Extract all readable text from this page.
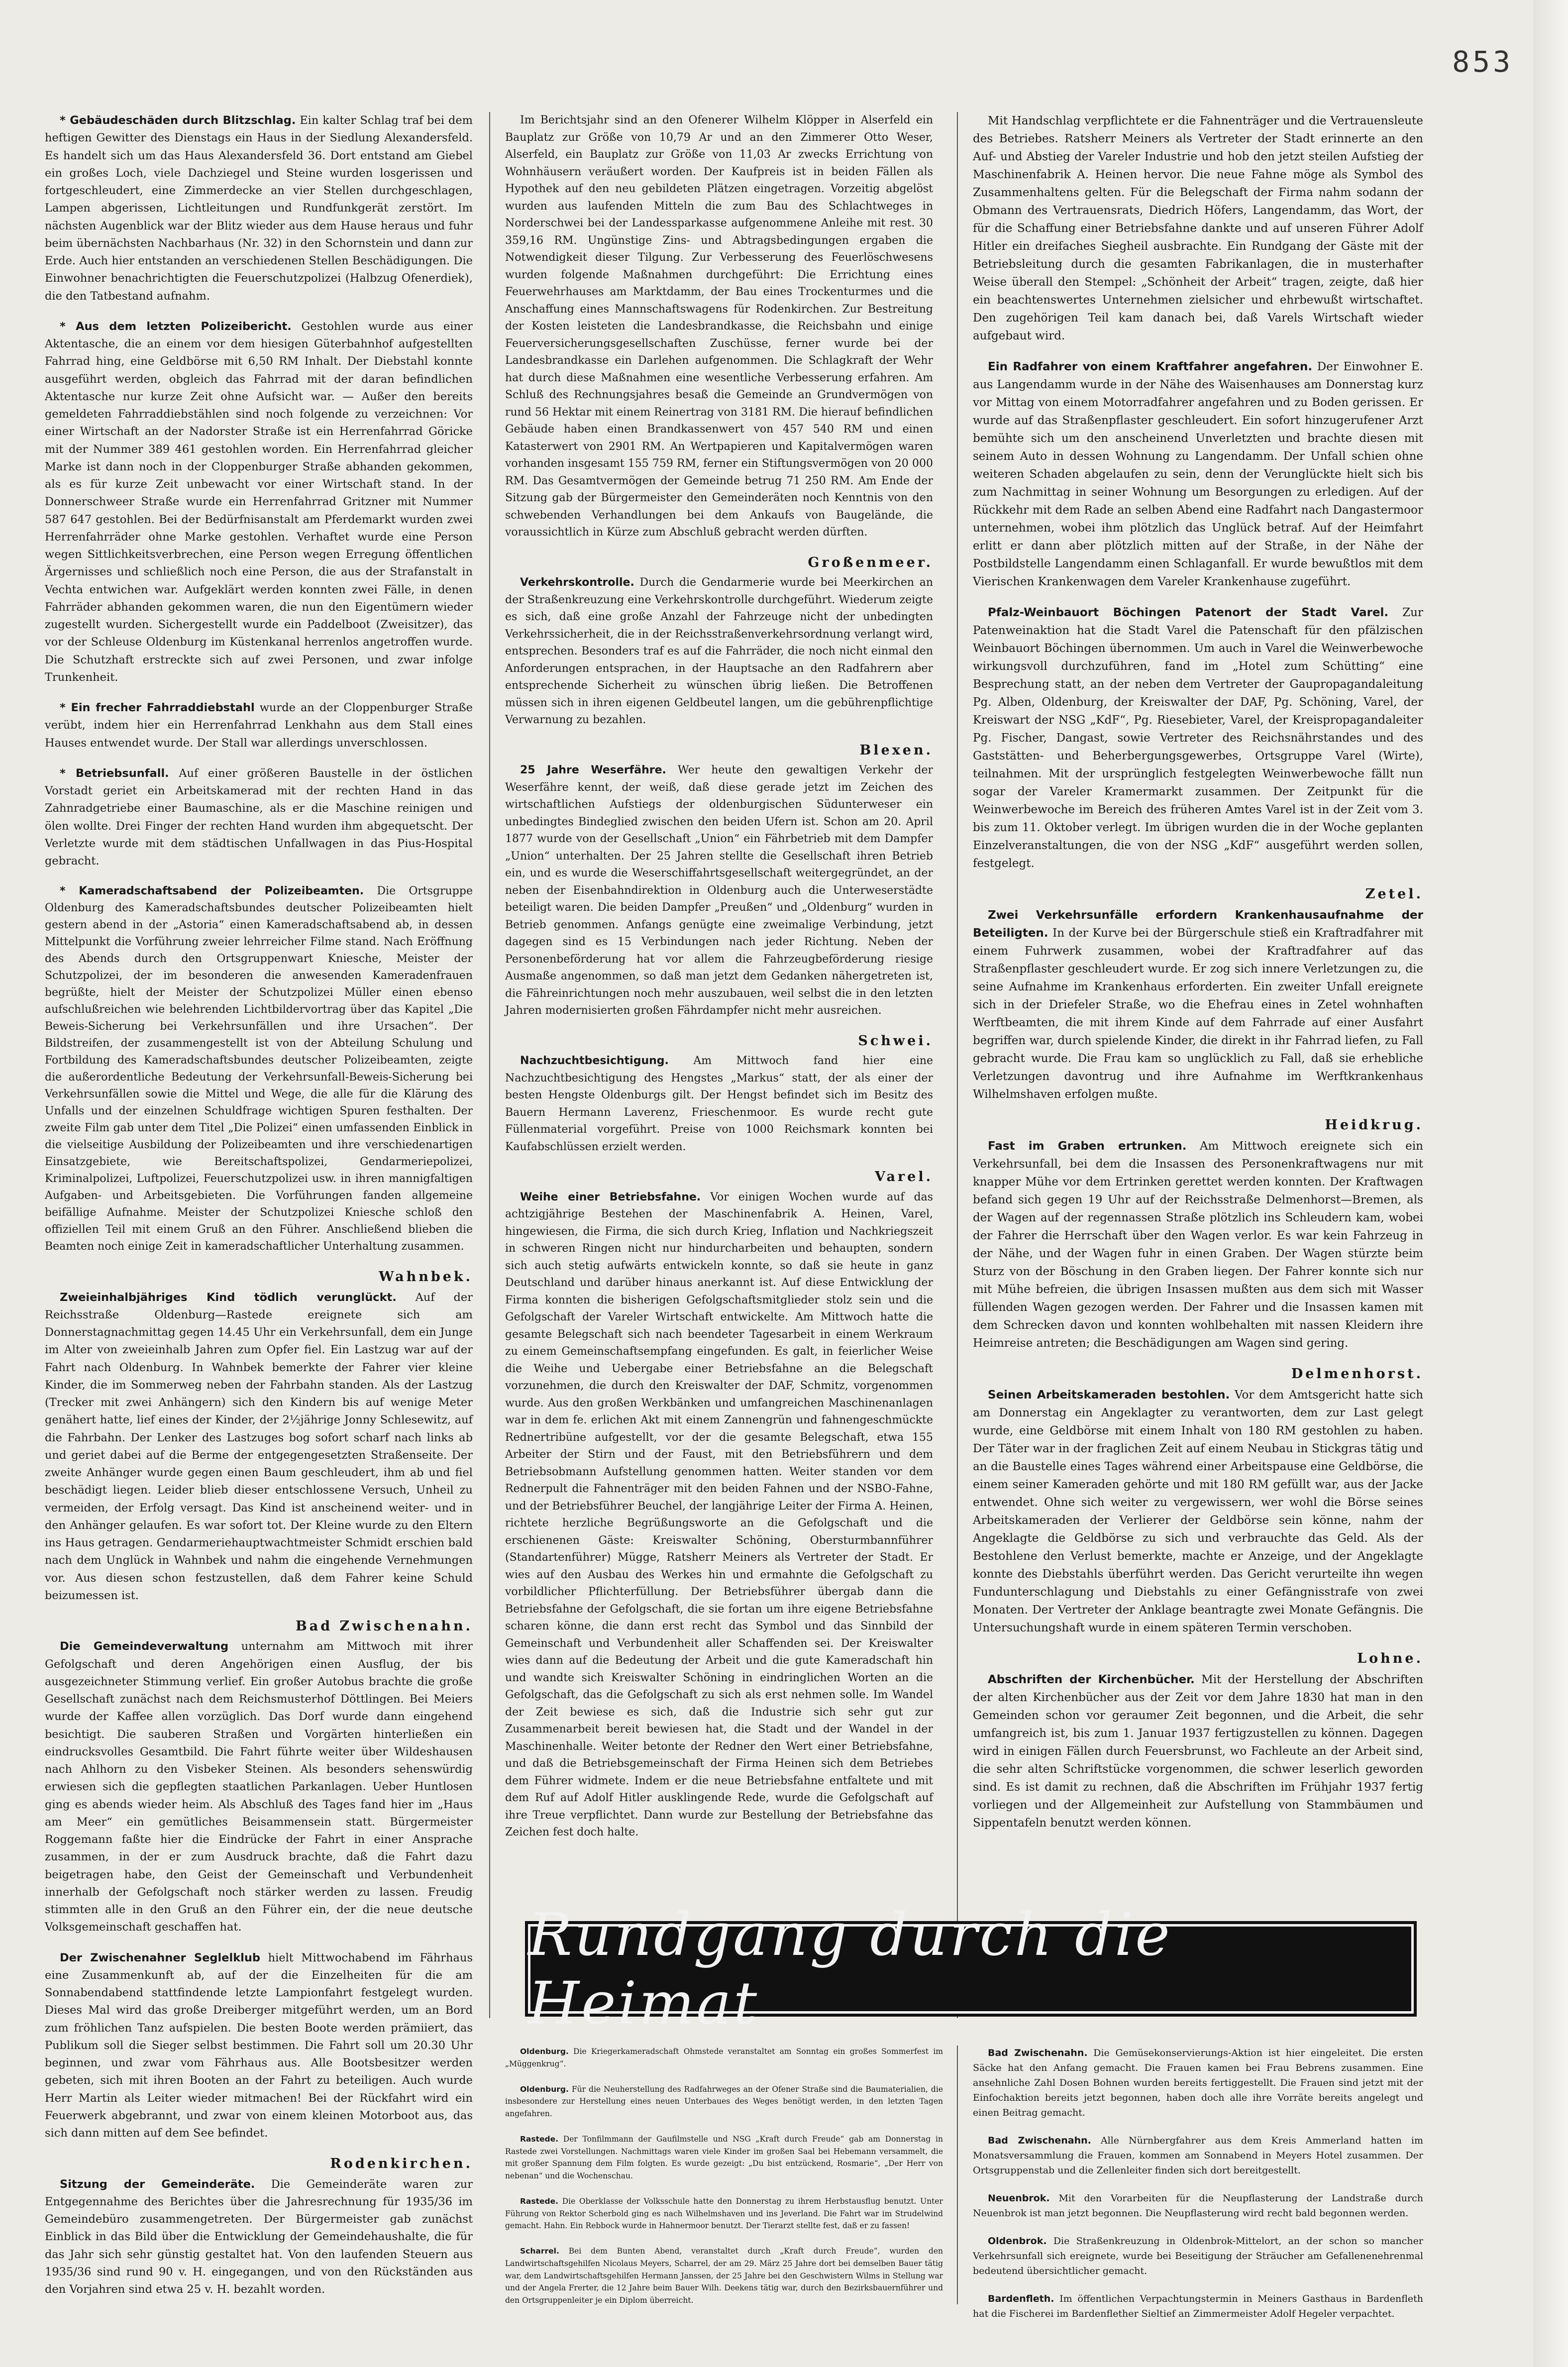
853

* Gebäudeschäden durch Blitzschlag. Ein kalter Schlag traf bei dem heftigen Gewitter des Dienstags ein Haus in der Siedlung Alexandersfeld. Es handelt sich um das Haus Alexandersfeld 36. Dort entstand am Giebel ein großes Loch, viele Dachziegel und Steine wurden losgerissen und fortgeschleudert, eine Zimmerdecke an vier Stellen durchgeschlagen, Lampen abgerissen, Lichtleitungen und Rundfunkgerät zerstört. Im nächsten Augenblick war der Blitz wieder aus dem Hause heraus und fuhr beim übernächsten Nachbarhaus (Nr. 32) in den Schornstein und dann zur Erde. Auch hier entstanden an verschiedenen Stellen Beschädigungen. Die Einwohner benachrichtigten die Feuerschutzpolizei (Halbzug Ofenerdiek), die den Tatbestand aufnahm.

* Aus dem letzten Polizeibericht. Gestohlen wurde aus einer Aktentasche, die an einem vor dem hiesigen Güterbahnhof aufgestellten Fahrrad hing, eine Geldbörse mit 6,50 RM Inhalt. Der Diebstahl konnte ausgeführt werden, obgleich das Fahrrad mit der daran befindlichen Aktentasche nur kurze Zeit ohne Aufsicht war. — Außer den bereits gemeldeten Fahrraddiebstählen sind noch folgende zu verzeichnen: Vor einer Wirtschaft an der Nadorster Straße ist ein Herrenfahrrad Göricke mit der Nummer 389 461 gestohlen worden. Ein Herrenfahrrad gleicher Marke ist dann noch in der Cloppenburger Straße abhanden gekommen, als es für kurze Zeit unbewacht vor einer Wirtschaft stand. In der Donnerschweer Straße wurde ein Herrenfahrrad Gritzner mit Nummer 587 647 gestohlen. Bei der Bedürfnisanstalt am Pferdemarkt wurden zwei Herrenfahrräder ohne Marke gestohlen. Verhaftet wurde eine Person wegen Sittlichkeitsverbrechen, eine Person wegen Erregung öffentlichen Ärgernisses und schließlich noch eine Person, die aus der Strafanstalt in Vechta entwichen war. Aufgeklärt werden konnten zwei Fälle, in denen Fahrräder abhanden gekommen waren, die nun den Eigentümern wieder zugestellt wurden. Sichergestellt wurde ein Paddelboot (Zweisitzer), das vor der Schleuse Oldenburg im Küstenkanal herrenlos angetroffen wurde. Die Schutzhaft erstreckte sich auf zwei Personen, und zwar infolge Trunkenheit.

* Ein frecher Fahrraddiebstahl wurde an der Cloppenburger Straße verübt, indem hier ein Herrenfahrrad Lenkhahn aus dem Stall eines Hauses entwendet wurde. Der Stall war allerdings unverschlossen.

* Betriebsunfall. Auf einer größeren Baustelle in der östlichen Vorstadt geriet ein Arbeitskamerad mit der rechten Hand in das Zahnradgetriebe einer Baumaschine, als er die Maschine reinigen und ölen wollte. Drei Finger der rechten Hand wurden ihm abgequetscht. Der Verletzte wurde mit dem städtischen Unfallwagen in das Pius-Hospital gebracht.

* Kameradschaftsabend der Polizeibeamten. Die Ortsgruppe Oldenburg des Kameradschaftsbundes deutscher Polizeibeamten hielt gestern abend in der „Astoria“ einen Kameradschaftsabend ab, in dessen Mittelpunkt die Vorführung zweier lehrreicher Filme stand. Nach Eröffnung des Abends durch den Ortsgruppenwart Kniesche, Meister der Schutzpolizei, der im besonderen die anwesenden Kameradenfrauen begrüßte, hielt der Meister der Schutzpolizei Müller einen ebenso aufschlußreichen wie belehrenden Lichtbildervortrag über das Kapitel „Die Beweis-Sicherung bei Verkehrsunfällen und ihre Ursachen“. Der Bildstreifen, der zusammengestellt ist von der Abteilung Schulung und Fortbildung des Kameradschaftsbundes deutscher Polizeibeamten, zeigte die außerordentliche Bedeutung der Verkehrsunfall-Beweis-Sicherung bei Verkehrsunfällen sowie die Mittel und Wege, die alle für die Klärung des Unfalls und der einzelnen Schuldfrage wichtigen Spuren festhalten. Der zweite Film gab unter dem Titel „Die Polizei“ einen umfassenden Einblick in die vielseitige Ausbildung der Polizeibeamten und ihre verschiedenartigen Einsatzgebiete, wie Bereitschaftspolizei, Gendarmeriepolizei, Kriminalpolizei, Luftpolizei, Feuerschutzpolizei usw. in ihren mannigfaltigen Aufgaben- und Arbeitsgebieten. Die Vorführungen fanden allgemeine beifällige Aufnahme. Meister der Schutzpolizei Kniesche schloß den offiziellen Teil mit einem Gruß an den Führer. Anschließend blieben die Beamten noch einige Zeit in kameradschaftlicher Unterhaltung zusammen.

Wahnbek.

Zweieinhalbjähriges Kind tödlich verunglückt. Auf der Reichsstraße Oldenburg—Rastede ereignete sich am Donnerstagnachmittag gegen 14.45 Uhr ein Verkehrsunfall, dem ein Junge im Alter von zweieinhalb Jahren zum Opfer fiel. Ein Lastzug war auf der Fahrt nach Oldenburg. In Wahnbek bemerkte der Fahrer vier kleine Kinder, die im Sommerweg neben der Fahrbahn standen. Als der Lastzug (Trecker mit zwei Anhängern) sich den Kindern bis auf wenige Meter genähert hatte, lief eines der Kinder, der 2½jährige Jonny Schlesewitz, auf die Fahrbahn. Der Lenker des Lastzuges bog sofort scharf nach links ab und geriet dabei auf die Berme der entgegengesetzten Straßenseite. Der zweite Anhänger wurde gegen einen Baum geschleudert, ihm ab und fiel beschädigt liegen. Leider blieb dieser entschlossene Versuch, Unheil zu vermeiden, der Erfolg versagt. Das Kind ist anscheinend weiter- und in den Anhänger gelaufen. Es war sofort tot. Der Kleine wurde zu den Eltern ins Haus getragen. Gendarmeriehauptwachtmeister Schmidt erschien bald nach dem Unglück in Wahnbek und nahm die eingehende Vernehmungen vor. Aus diesen schon festzustellen, daß dem Fahrer keine Schuld beizumessen ist.

Bad Zwischenahn.

Die Gemeindeverwaltung unternahm am Mittwoch mit ihrer Gefolgschaft und deren Angehörigen einen Ausflug, der bis ausgezeichneter Stimmung verlief. Ein großer Autobus brachte die große Gesellschaft zunächst nach dem Reichsmusterhof Döttlingen. Bei Meiers wurde der Kaffee allen vorzüglich. Das Dorf wurde dann eingehend besichtigt. Die sauberen Straßen und Vorgärten hinterließen ein eindrucksvolles Gesamtbild. Die Fahrt führte weiter über Wildeshausen nach Ahlhorn zu den Visbeker Steinen. Als besonders sehenswürdig erwiesen sich die gepflegten staatlichen Parkanlagen. Ueber Huntlosen ging es abends wieder heim. Als Abschluß des Tages fand hier im „Haus am Meer“ ein gemütliches Beisammensein statt. Bürgermeister Roggemann faßte hier die Eindrücke der Fahrt in einer Ansprache zusammen, in der er zum Ausdruck brachte, daß die Fahrt dazu beigetragen habe, den Geist der Gemeinschaft und Verbundenheit innerhalb der Gefolgschaft noch stärker werden zu lassen. Freudig stimmten alle in den Gruß an den Führer ein, der die neue deutsche Volksgemeinschaft geschaffen hat.

Der Zwischenahner Seglelklub hielt Mittwochabend im Fährhaus eine Zusammenkunft ab, auf der die Einzelheiten für die am Sonnabendabend stattfindende letzte Lampionfahrt festgelegt wurden. Dieses Mal wird das große Dreiberger mitgeführt werden, um an Bord zum fröhlichen Tanz aufspielen. Die besten Boote werden prämiiert, das Publikum soll die Sieger selbst bestimmen. Die Fahrt soll um 20.30 Uhr beginnen, und zwar vom Fährhaus aus. Alle Bootsbesitzer werden gebeten, sich mit ihren Booten an der Fahrt zu beteiligen. Auch wurde Herr Martin als Leiter wieder mitmachen! Bei der Rückfahrt wird ein Feuerwerk abgebrannt, und zwar von einem kleinen Motorboot aus, das sich dann mitten auf dem See befindet.

Rodenkirchen.

Sitzung der Gemeinderäte. Die Gemeinderäte waren zur Entgegennahme des Berichtes über die Jahresrechnung für 1935/36 im Gemeindebüro zusammengetreten. Der Bürgermeister gab zunächst Einblick in das Bild über die Entwicklung der Gemeindehaushalte, die für das Jahr sich sehr günstig gestaltet hat. Von den laufenden Steuern aus 1935/36 sind rund 90 v. H. eingegangen, und von den Rückständen aus den Vorjahren sind etwa 25 v. H. bezahlt worden.

Im Berichtsjahr sind an den Ofenerer Wilhelm Klöpper in Alserfeld ein Bauplatz zur Größe von 10,79 Ar und an den Zimmerer Otto Weser, Alserfeld, ein Bauplatz zur Größe von 11,03 Ar zwecks Errichtung von Wohnhäusern veräußert worden. Der Kaufpreis ist in beiden Fällen als Hypothek auf den neu gebildeten Plätzen eingetragen. Vorzeitig abgelöst wurden aus laufenden Mitteln die zum Bau des Schlachtweges in Norderschwei bei der Landessparkasse aufgenommene Anleihe mit rest. 30 359,16 RM. Ungünstige Zins- und Abtragsbedingungen ergaben die Notwendigkeit dieser Tilgung. Zur Verbesserung des Feuerlöschwesens wurden folgende Maßnahmen durchgeführt: Die Errichtung eines Feuerwehrhauses am Marktdamm, der Bau eines Trockenturmes und die Anschaffung eines Mannschaftswagens für Rodenkirchen. Zur Bestreitung der Kosten leisteten die Landesbrandkasse, die Reichsbahn und einige Feuerversicherungsgesellschaften Zuschüsse, ferner wurde bei der Landesbrandkasse ein Darlehen aufgenommen. Die Schlagkraft der Wehr hat durch diese Maßnahmen eine wesentliche Verbesserung erfahren. Am Schluß des Rechnungsjahres besaß die Gemeinde an Grundvermögen von rund 56 Hektar mit einem Reinertrag von 3181 RM. Die hierauf befindlichen Gebäude haben einen Brandkassenwert von 457 540 RM und einen Katasterwert von 2901 RM. An Wertpapieren und Kapitalvermögen waren vorhanden insgesamt 155 759 RM, ferner ein Stiftungsvermögen von 20 000 RM. Das Gesamtvermögen der Gemeinde betrug 71 250 RM. Am Ende der Sitzung gab der Bürgermeister den Gemeinderäten noch Kenntnis von den schwebenden Verhandlungen bei dem Ankaufs von Baugelände, die voraussichtlich in Kürze zum Abschluß gebracht werden dürften.

Großenmeer.

Verkehrskontrolle. Durch die Gendarmerie wurde bei Meerkirchen an der Straßenkreuzung eine Verkehrskontrolle durchgeführt. Wiederum zeigte es sich, daß eine große Anzahl der Fahrzeuge nicht der unbedingten Verkehrssicherheit, die in der Reichsstraßenverkehrsordnung verlangt wird, entsprechen. Besonders traf es auf die Fahrräder, die noch nicht einmal den Anforderungen entsprachen, in der Hauptsache an den Radfahrern aber entsprechende Sicherheit zu wünschen übrig ließen. Die Betroffenen müssen sich in ihren eigenen Geldbeutel langen, um die gebührenpflichtige Verwarnung zu bezahlen.

Blexen.

25 Jahre Weserfähre. Wer heute den gewaltigen Verkehr der Weserfähre kennt, der weiß, daß diese gerade jetzt im Zeichen des wirtschaftlichen Aufstiegs der oldenburgischen Südunterweser ein unbedingtes Bindeglied zwischen den beiden Ufern ist. Schon am 20. April 1877 wurde von der Gesellschaft „Union“ ein Fährbetrieb mit dem Dampfer „Union“ unterhalten. Der 25 Jahren stellte die Gesellschaft ihren Betrieb ein, und es wurde die Weserschiffahrtsgesellschaft weitergegründet, an der neben der Eisenbahndirektion in Oldenburg auch die Unterweserstädte beteiligt waren. Die beiden Dampfer „Preußen“ und „Oldenburg“ wurden in Betrieb genommen. Anfangs genügte eine zweimalige Verbindung, jetzt dagegen sind es 15 Verbindungen nach jeder Richtung. Neben der Personenbeförderung hat vor allem die Fahrzeugbeförderung riesige Ausmaße angenommen, so daß man jetzt dem Gedanken nähergetreten ist, die Fähreinrichtungen noch mehr auszubauen, weil selbst die in den letzten Jahren modernisierten großen Fährdampfer nicht mehr ausreichen.

Schwei.

Nachzuchtbesichtigung. Am Mittwoch fand hier eine Nachzuchtbesichtigung des Hengstes „Markus“ statt, der als einer der besten Hengste Oldenburgs gilt. Der Hengst befindet sich im Besitz des Bauern Hermann Laverenz, Frieschenmoor. Es wurde recht gute Füllenmaterial vorgeführt. Preise von 1000 Reichsmark konnten bei Kaufabschlüssen erzielt werden.

Varel.

Weihe einer Betriebsfahne. Vor einigen Wochen wurde auf das achtzigjährige Bestehen der Maschinenfabrik A. Heinen, Varel, hingewiesen, die Firma, die sich durch Krieg, Inflation und Nachkriegszeit in schweren Ringen nicht nur hindurcharbeiten und behaupten, sondern sich auch stetig aufwärts entwickeln konnte, so daß sie heute in ganz Deutschland und darüber hinaus anerkannt ist. Auf diese Entwicklung der Firma konnten die bisherigen Gefolgschaftsmitglieder stolz sein und die Gefolgschaft der Vareler Wirtschaft entwickelte. Am Mittwoch hatte die gesamte Belegschaft sich nach beendeter Tagesarbeit in einem Werkraum zu einem Gemeinschaftsempfang eingefunden. Es galt, in feierlicher Weise die Weihe und Uebergabe einer Betriebsfahne an die Belegschaft vorzunehmen, die durch den Kreiswalter der DAF, Schmitz, vorgenommen wurde. Aus den großen Werkbänken und umfangreichen Maschinenanlagen war in dem fe. erlichen Akt mit einem Zannengrün und fahnengeschmückte Rednertribüne aufgestellt, vor der die gesamte Belegschaft, etwa 155 Arbeiter der Stirn und der Faust, mit den Betriebsführern und dem Betriebsobmann Aufstellung genommen hatten. Weiter standen vor dem Rednerpult die Fahnenträger mit den beiden Fahnen und der NSBO-Fahne, und der Betriebsführer Beuchel, der langjährige Leiter der Firma A. Heinen, richtete herzliche Begrüßungsworte an die Gefolgschaft und die erschienenen Gäste: Kreiswalter Schöning, Obersturmbannführer (Standartenführer) Mügge, Ratsherr Meiners als Vertreter der Stadt. Er wies auf den Ausbau des Werkes hin und ermahnte die Gefolgschaft zu vorbildlicher Pflichterfüllung. Der Betriebsführer übergab dann die Betriebsfahne der Gefolgschaft, die sie fortan um ihre eigene Betriebsfahne scharen könne, die dann erst recht das Symbol und das Sinnbild der Gemeinschaft und Verbundenheit aller Schaffenden sei. Der Kreiswalter wies dann auf die Bedeutung der Arbeit und die gute Kameradschaft hin und wandte sich Kreiswalter Schöning in eindringlichen Worten an die Gefolgschaft, das die Gefolgschaft zu sich als erst nehmen solle. Im Wandel der Zeit bewiese es sich, daß die Industrie sich sehr gut zur Zusammenarbeit bereit bewiesen hat, die Stadt und der Wandel in der Maschinenhalle. Weiter betonte der Redner den Wert einer Betriebsfahne, und daß die Betriebsgemeinschaft der Firma Heinen sich dem Betriebes dem Führer widmete. Indem er die neue Betriebsfahne entfaltete und mit dem Ruf auf Adolf Hitler ausklingende Rede, wurde die Gefolgschaft auf ihre Treue verpflichtet. Dann wurde zur Bestellung der Betriebsfahne das Zeichen fest doch halte.

Mit Handschlag verpflichtete er die Fahnenträger und die Vertrauensleute des Betriebes. Ratsherr Meiners als Vertreter der Stadt erinnerte an den Auf- und Abstieg der Vareler Industrie und hob den jetzt steilen Aufstieg der Maschinenfabrik A. Heinen hervor. Die neue Fahne möge als Symbol des Zusammenhaltens gelten. Für die Belegschaft der Firma nahm sodann der Obmann des Vertrauensrats, Diedrich Höfers, Langendamm, das Wort, der für die Schaffung einer Betriebsfahne dankte und auf unseren Führer Adolf Hitler ein dreifaches Siegheil ausbrachte. Ein Rundgang der Gäste mit der Betriebsleitung durch die gesamten Fabrikanlagen, die in musterhafter Weise überall den Stempel: „Schönheit der Arbeit“ tragen, zeigte, daß hier ein beachtenswertes Unternehmen zielsicher und ehrbewußt wirtschaftet. Den zugehörigen Teil kam danach bei, daß Varels Wirtschaft wieder aufgebaut wird.

Ein Radfahrer von einem Kraftfahrer angefahren. Der Einwohner E. aus Langendamm wurde in der Nähe des Waisenhauses am Donnerstag kurz vor Mittag von einem Motorradfahrer angefahren und zu Boden gerissen. Er wurde auf das Straßenpflaster geschleudert. Ein sofort hinzugerufener Arzt bemühte sich um den anscheinend Unverletzten und brachte diesen mit seinem Auto in dessen Wohnung zu Langendamm. Der Unfall schien ohne weiteren Schaden abgelaufen zu sein, denn der Verunglückte hielt sich bis zum Nachmittag in seiner Wohnung um Besorgungen zu erledigen. Auf der Rückkehr mit dem Rade an selben Abend eine Radfahrt nach Dangastermoor unternehmen, wobei ihm plötzlich das Unglück betraf. Auf der Heimfahrt erlitt er dann aber plötzlich mitten auf der Straße, in der Nähe der Postbildstelle Langendamm einen Schlaganfall. Er wurde bewußtlos mit dem Vierischen Krankenwagen dem Vareler Krankenhause zugeführt.

Pfalz-Weinbauort Böchingen Patenort der Stadt Varel. Zur Patenweinaktion hat die Stadt Varel die Patenschaft für den pfälzischen Weinbauort Böchingen übernommen. Um auch in Varel die Weinwerbewoche wirkungsvoll durchzuführen, fand im „Hotel zum Schütting“ eine Besprechung statt, an der neben dem Vertreter der Gaupropagandaleitung Pg. Alben, Oldenburg, der Kreiswalter der DAF, Pg. Schöning, Varel, der Kreiswart der NSG „KdF“, Pg. Riesebieter, Varel, der Kreispropagandaleiter Pg. Fischer, Dangast, sowie Vertreter des Reichsnährstandes und des Gaststätten- und Beherbergungsgewerbes, Ortsgruppe Varel (Wirte), teilnahmen. Mit der ursprünglich festgelegten Weinwerbewoche fällt nun sogar der Vareler Kramermarkt zusammen. Der Zeitpunkt für die Weinwerbewoche im Bereich des früheren Amtes Varel ist in der Zeit vom 3. bis zum 11. Oktober verlegt. Im übrigen wurden die in der Woche geplanten Einzelveranstaltungen, die von der NSG „KdF“ ausgeführt werden sollen, festgelegt.

Zetel.

Zwei Verkehrsunfälle erfordern Krankenhausaufnahme der Beteiligten. In der Kurve bei der Bürgerschule stieß ein Kraftradfahrer mit einem Fuhrwerk zusammen, wobei der Kraftradfahrer auf das Straßenpflaster geschleudert wurde. Er zog sich innere Verletzungen zu, die seine Aufnahme im Krankenhaus erforderten. Ein zweiter Unfall ereignete sich in der Driefeler Straße, wo die Ehefrau eines in Zetel wohnhaften Werftbeamten, die mit ihrem Kinde auf dem Fahrrade auf einer Ausfahrt begriffen war, durch spielende Kinder, die direkt in ihr Fahrrad liefen, zu Fall gebracht wurde. Die Frau kam so unglücklich zu Fall, daß sie erhebliche Verletzungen davontrug und ihre Aufnahme im Werftkrankenhaus Wilhelmshaven erfolgen mußte.

Heidkrug.

Fast im Graben ertrunken. Am Mittwoch ereignete sich ein Verkehrsunfall, bei dem die Insassen des Personenkraftwagens nur mit knapper Mühe vor dem Ertrinken gerettet werden konnten. Der Kraftwagen befand sich gegen 19 Uhr auf der Reichsstraße Delmenhorst—Bremen, als der Wagen auf der regennassen Straße plötzlich ins Schleudern kam, wobei der Fahrer die Herrschaft über den Wagen verlor. Es war kein Fahrzeug in der Nähe, und der Wagen fuhr in einen Graben. Der Wagen stürzte beim Sturz von der Böschung in den Graben liegen. Der Fahrer konnte sich nur mit Mühe befreien, die übrigen Insassen mußten aus dem sich mit Wasser füllenden Wagen gezogen werden. Der Fahrer und die Insassen kamen mit dem Schrecken davon und konnten wohlbehalten mit nassen Kleidern ihre Heimreise antreten; die Beschädigungen am Wagen sind gering.

Delmenhorst.

Seinen Arbeitskameraden bestohlen. Vor dem Amtsgericht hatte sich am Donnerstag ein Angeklagter zu verantworten, dem zur Last gelegt wurde, eine Geldbörse mit einem Inhalt von 180 RM gestohlen zu haben. Der Täter war in der fraglichen Zeit auf einem Neubau in Stickgras tätig und an die Baustelle eines Tages während einer Arbeitspause eine Geldbörse, die einem seiner Kameraden gehörte und mit 180 RM gefüllt war, aus der Jacke entwendet. Ohne sich weiter zu vergewissern, wer wohl die Börse seines Arbeitskameraden der Verlierer der Geldbörse sein könne, nahm der Angeklagte die Geldbörse zu sich und verbrauchte das Geld. Als der Bestohlene den Verlust bemerkte, machte er Anzeige, und der Angeklagte konnte des Diebstahls überführt werden. Das Gericht verurteilte ihn wegen Fundunterschlagung und Diebstahls zu einer Gefängnisstrafe von zwei Monaten. Der Vertreter der Anklage beantragte zwei Monate Gefängnis. Die Untersuchungshaft wurde in einem späteren Termin verschoben.

Lohne.

Abschriften der Kirchenbücher. Mit der Herstellung der Abschriften der alten Kirchenbücher aus der Zeit vor dem Jahre 1830 hat man in den Gemeinden schon vor geraumer Zeit begonnen, und die Arbeit, die sehr umfangreich ist, bis zum 1. Januar 1937 fertigzustellen zu können. Dagegen wird in einigen Fällen durch Feuersbrunst, wo Fachleute an der Arbeit sind, die sehr alten Schriftstücke vorgenommen, die schwer leserlich geworden sind. Es ist damit zu rechnen, daß die Abschriften im Frühjahr 1937 fertig vorliegen und der Allgemeinheit zur Aufstellung von Stammbäumen und Sippentafeln benutzt werden können.

Rundgang durch die Heimat

Oldenburg. Die Kriegerkameradschaft Ohmstede veranstaltet am Sonntag ein großes Sommerfest im „Müggenkrug“.

Oldenburg. Für die Neuherstellung des Radfahrweges an der Ofener Straße sind die Baumaterialien, die insbesondere zur Herstellung eines neuen Unterbaues des Weges benötigt werden, in den letzten Tagen angefahren.

Rastede. Der Tonfilmmann der Gaufilmstelle und NSG „Kraft durch Freude“ gab am Donnerstag in Rastede zwei Vorstellungen. Nachmittags waren viele Kinder im großen Saal bei Hebemann versammelt, die mit großer Spannung dem Film folgten. Es wurde gezeigt: „Du bist entzückend, Rosmarie“, „Der Herr von nebenan“ und die Wochenschau.

Rastede. Die Oberklasse der Volksschule hatte den Donnerstag zu ihrem Herbstausflug benutzt. Unter Führung von Rektor Scherbold ging es nach Wilhelmshaven und ins Jeverland. Die Fahrt war im Strudelwind gemacht. Hahn. Ein Rebbock wurde in Hahnermoor benutzt. Der Tierarzt stellte fest, daß er zu fassen!

Scharrel. Bei dem Bunten Abend, veranstaltet durch „Kraft durch Freude“, wurden den Landwirtschaftsgehilfen Nicolaus Meyers, Scharrel, der am 29. März 25 Jahre dort bei demselben Bauer tätig war, dem Landwirtschaftsgehilfen Hermann Janssen, der 25 Jahre bei den Geschwistern Wilms in Stellung war und der Angela Frerter, die 12 Jahre beim Bauer Wilh. Deekens tätig war, durch den Bezirksbauernführer und den Ortsgruppenleiter je ein Diplom überreicht.

Bad Zwischenahn. Die Gemüsekonservierungs-Aktion ist hier eingeleitet. Die ersten Säcke hat den Anfang gemacht. Die Frauen kamen bei Frau Bebrens zusammen. Eine ansehnliche Zahl Dosen Bohnen wurden bereits fertiggestellt. Die Frauen sind jetzt mit der Einfochaktion bereits jetzt begonnen, haben doch alle ihre Vorräte bereits angelegt und einen Beitrag gemacht.

Bad Zwischenahn. Alle Nürnbergfahrer aus dem Kreis Ammerland hatten im Monatsversammlung die Frauen, kommen am Sonnabend in Meyers Hotel zusammen. Der Ortsgruppenstab und die Zellenleiter finden sich dort bereitgestellt.

Neuenbrok. Mit den Vorarbeiten für die Neupflasterung der Landstraße durch Neuenbrok ist man jetzt begonnen. Die Neupflasterung wird recht bald begonnen werden.

Oldenbrok. Die Straßenkreuzung in Oldenbrok-Mittelort, an der schon so mancher Verkehrsunfall sich ereignete, wurde bei Beseitigung der Sträucher am Gefallenenehrenmal bedeutend übersichtlicher gemacht.

Bardenfleth. Im öffentlichen Verpachtungstermin in Meiners Gasthaus in Bardenfleth hat die Fischerei im Bardenflether Sieltief an Zimmermeister Adolf Hegeler verpachtet.
